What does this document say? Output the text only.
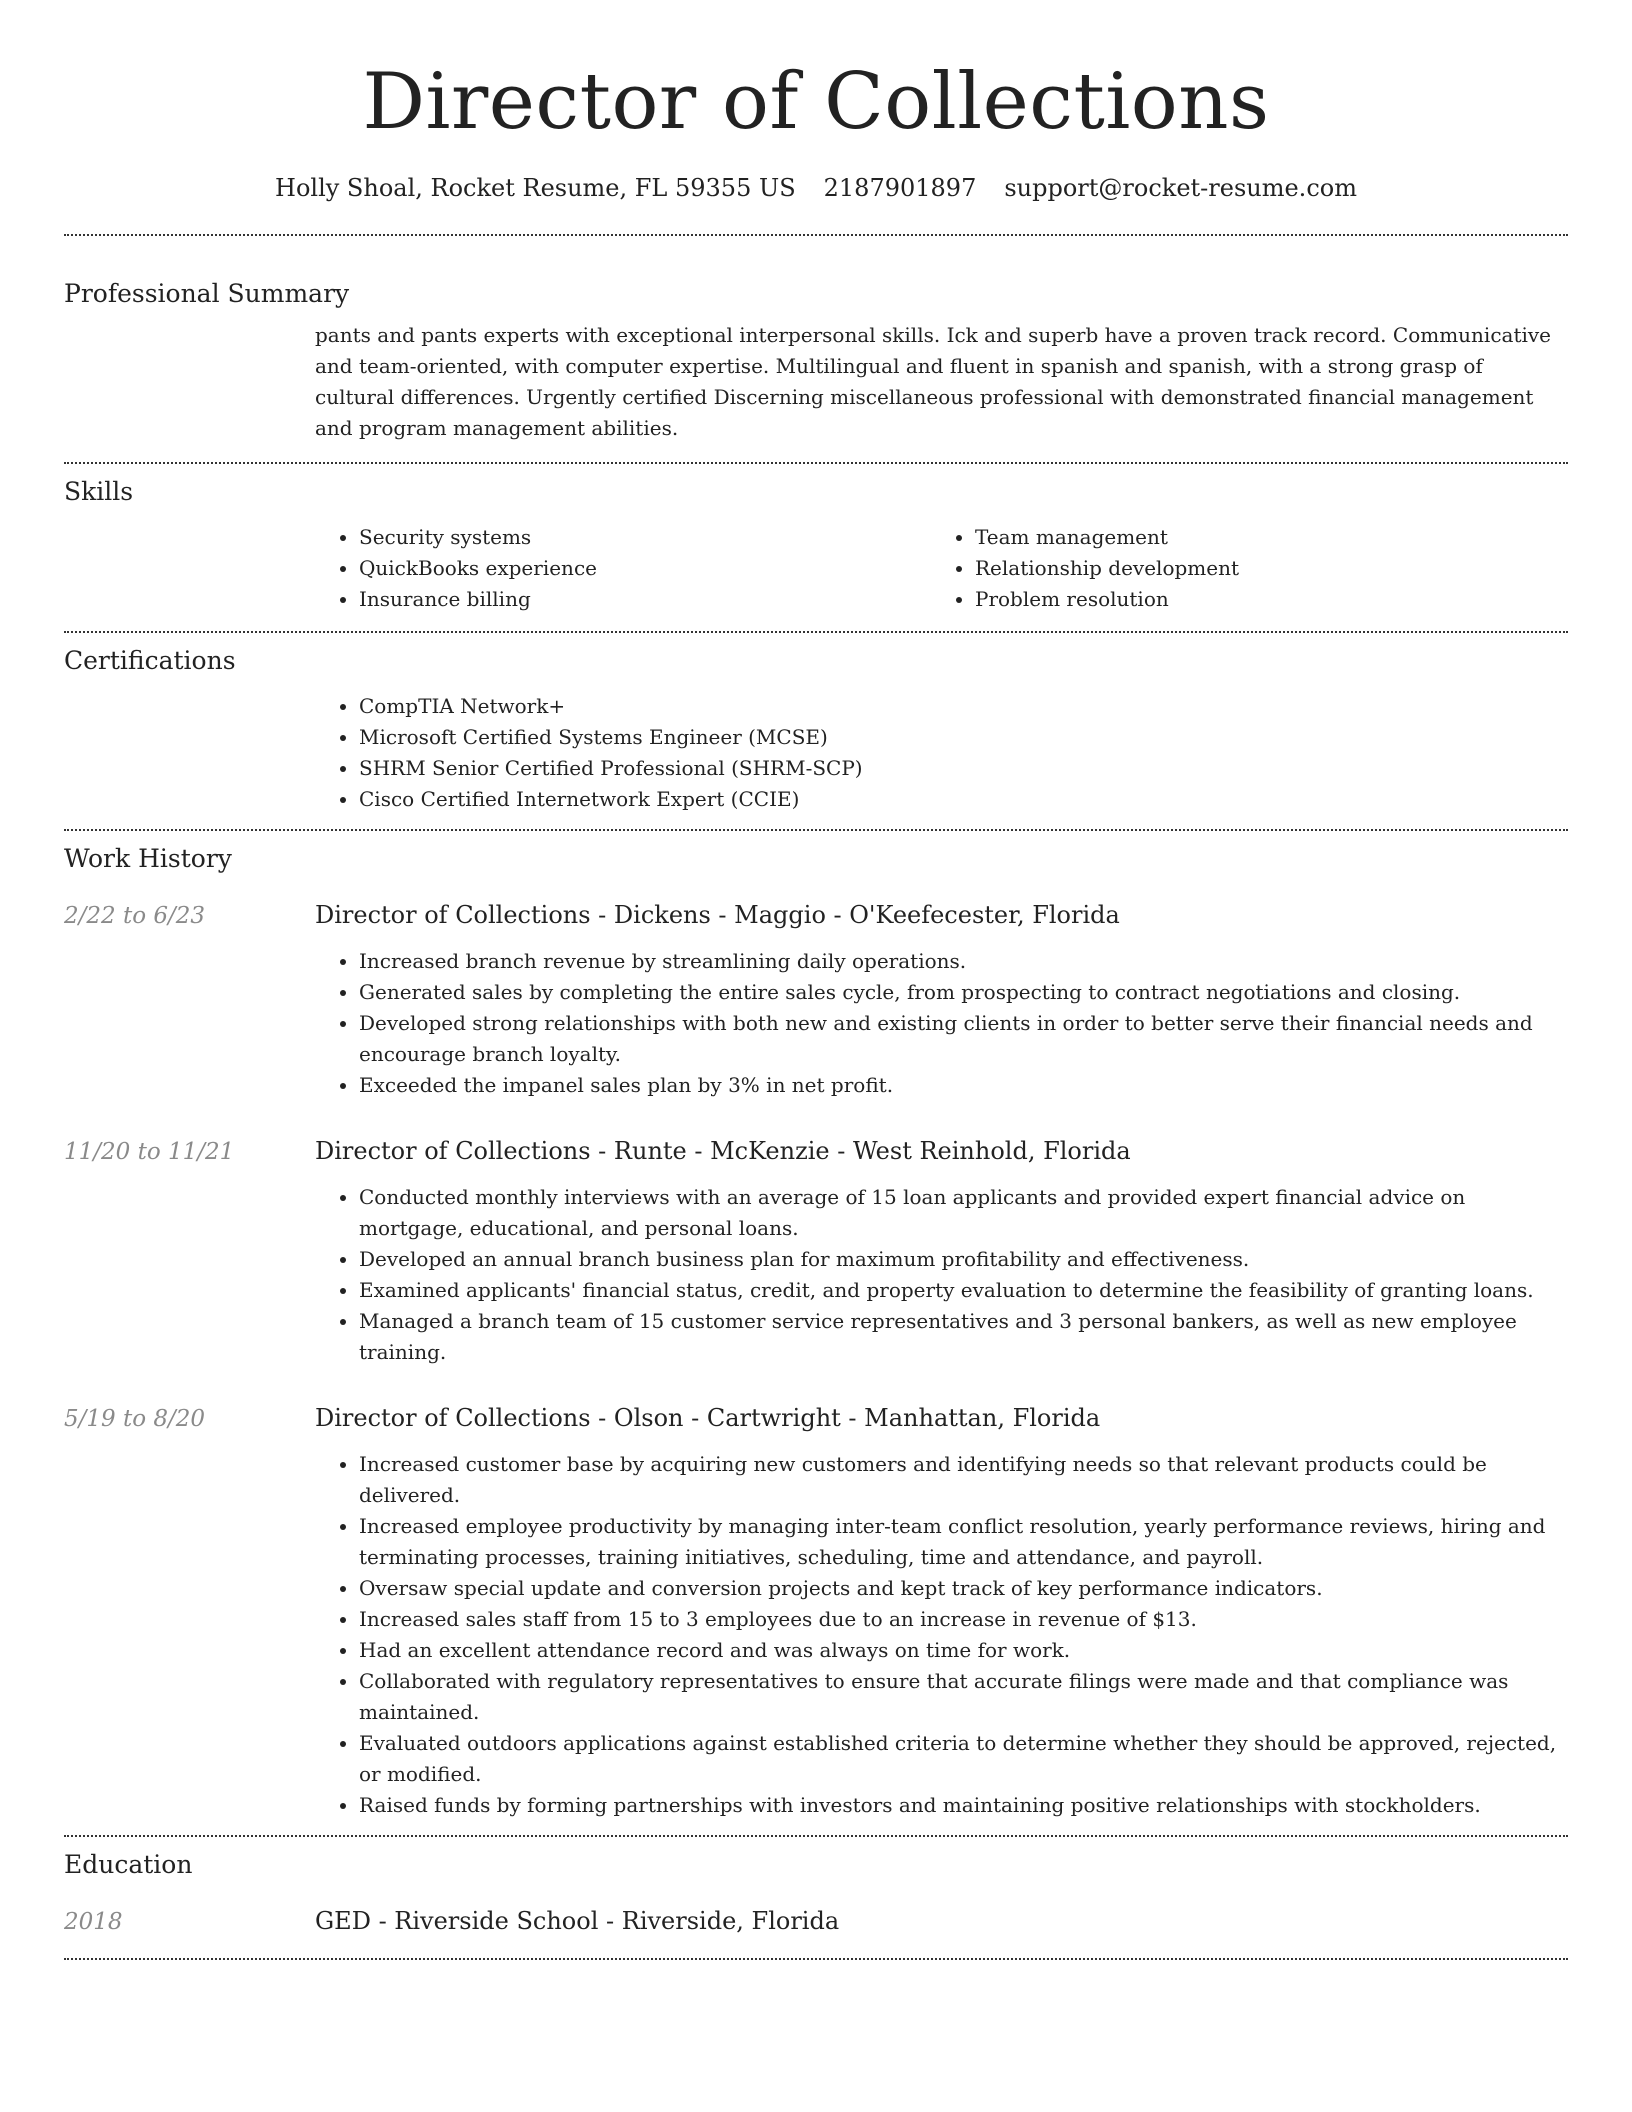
Director of Collections
Holly Shoal, Rocket Resume, FL 59355 US 2187901897 support@rocket-resume.com
Professional Summary

pants and pants experts with exceptional interpersonal skills. Ick and superb have a proven track record. Communicative and team-oriented, with computer expertise. Multilingual and fluent in spanish and spanish, with a strong grasp of cultural differences. Urgently certified Discerning miscellaneous professional with demonstrated financial management and program management abilities.

Skills
• Security systems
• QuickBooks experience
• Insurance billing
• Team management
• Relationship development
• Problem resolution
Certifications
• CompTIA Network+
• Microsoft Certified Systems Engineer (MCSE)
• SHRM Senior Certified Professional (SHRM-SCP)
• Cisco Certified Internetwork Expert (CCIE)
Work History
2/22 to 6/23	Director of Collections - Dickens - Maggio - O'Keefecester, Florida
• Increased branch revenue by streamlining daily operations.
• Generated sales by completing the entire sales cycle, from prospecting to contract negotiations and closing.
• Developed strong relationships with both new and existing clients in order to better serve their financial needs and encourage branch loyalty.
• Exceeded the impanel sales plan by 3% in net profit.
11/20 to 11/21	Director of Collections - Runte - McKenzie - West Reinhold, Florida
• Conducted monthly interviews with an average of 15 loan applicants and provided expert financial advice on mortgage, educational, and personal loans.
• Developed an annual branch business plan for maximum profitability and effectiveness.
• Examined applicants' financial status, credit, and property evaluation to determine the feasibility of granting loans.
• Managed a branch team of 15 customer service representatives and 3 personal bankers, as well as new employee training.
5/19 to 8/20	Director of Collections - Olson - Cartwright - Manhattan, Florida
• Increased customer base by acquiring new customers and identifying needs so that relevant products could be delivered.
• Increased employee productivity by managing inter-team conflict resolution, yearly performance reviews, hiring and terminating processes, training initiatives, scheduling, time and attendance, and payroll.
• Oversaw special update and conversion projects and kept track of key performance indicators.
• Increased sales staff from 15 to 3 employees due to an increase in revenue of $13.
• Had an excellent attendance record and was always on time for work.
• Collaborated with regulatory representatives to ensure that accurate filings were made and that compliance was maintained.
• Evaluated outdoors applications against established criteria to determine whether they should be approved, rejected, or modified.
• Raised funds by forming partnerships with investors and maintaining positive relationships with stockholders.
Education
2018	GED - Riverside School - Riverside, Florida
